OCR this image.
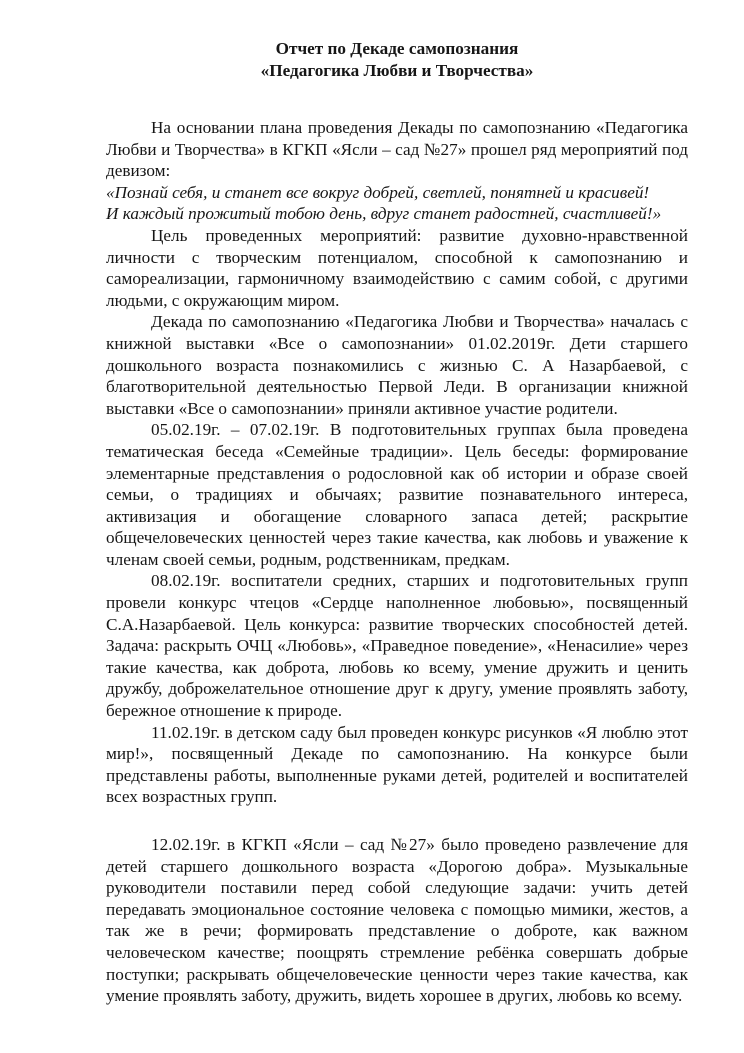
Отчет по Декаде самопознания
«Педагогика Любви и Творчества»

На основании плана проведения Декады по самопознанию «Педагогика Любви и Творчества» в КГКП «Ясли – сад №27» прошел ряд мероприятий под девизом:

«Познай себя, и станет все вокруг добрей, светлей, понятней и красивей!
И каждый прожитый тобою день, вдруг станет радостней, счастливей!»

Цель проведенных мероприятий: развитие духовно-нравственной личности с творческим потенциалом, способной к самопознанию и самореализации, гармоничному взаимодействию с самим собой, с другими людьми, с окружающим миром.

Декада по самопознанию «Педагогика Любви и Творчества» началась с книжной выставки «Все о самопознании» 01.02.2019г. Дети старшего дошкольного возраста познакомились с жизнью С. А Назарбаевой, с благотворительной деятельностью Первой Леди. В организации книжной выставки «Все о самопознании» приняли активное участие родители.

05.02.19г. – 07.02.19г. В подготовительных группах была проведена тематическая беседа «Семейные традиции». Цель беседы: формирование элементарные представления о родословной как об истории и образе своей семьи, о традициях и обычаях; развитие познавательного интереса, активизация и обогащение словарного запаса детей; раскрытие общечеловеческих ценностей через такие качества, как любовь и уважение к членам своей семьи, родным, родственникам, предкам.

08.02.19г. воспитатели средних, старших и подготовительных групп провели конкурс чтецов «Сердце наполненное любовью», посвященный С.А.Назарбаевой. Цель конкурса: развитие творческих способностей детей. Задача: раскрыть ОЧЦ «Любовь», «Праведное поведение», «Ненасилие» через такие качества, как доброта, любовь ко всему, умение дружить и ценить дружбу, доброжелательное отношение друг к другу, умение проявлять заботу, бережное отношение к природе.

11.02.19г. в детском саду был проведен конкурс рисунков «Я люблю этот мир!», посвященный Декаде по самопознанию. На конкурсе были представлены работы, выполненные руками детей, родителей и воспитателей всех возрастных групп.

12.02.19г. в КГКП «Ясли – сад №27» было проведено развлечение для детей старшего дошкольного возраста «Дорогою добра». Музыкальные руководители поставили перед собой следующие задачи: учить детей передавать эмоциональное состояние человека с помощью мимики, жестов, а так же в речи; формировать представление о доброте, как важном человеческом качестве; поощрять стремление ребёнка совершать добрые поступки; раскрывать общечеловеческие ценности через такие качества, как умение проявлять заботу, дружить, видеть хорошее в других, любовь ко всему.
